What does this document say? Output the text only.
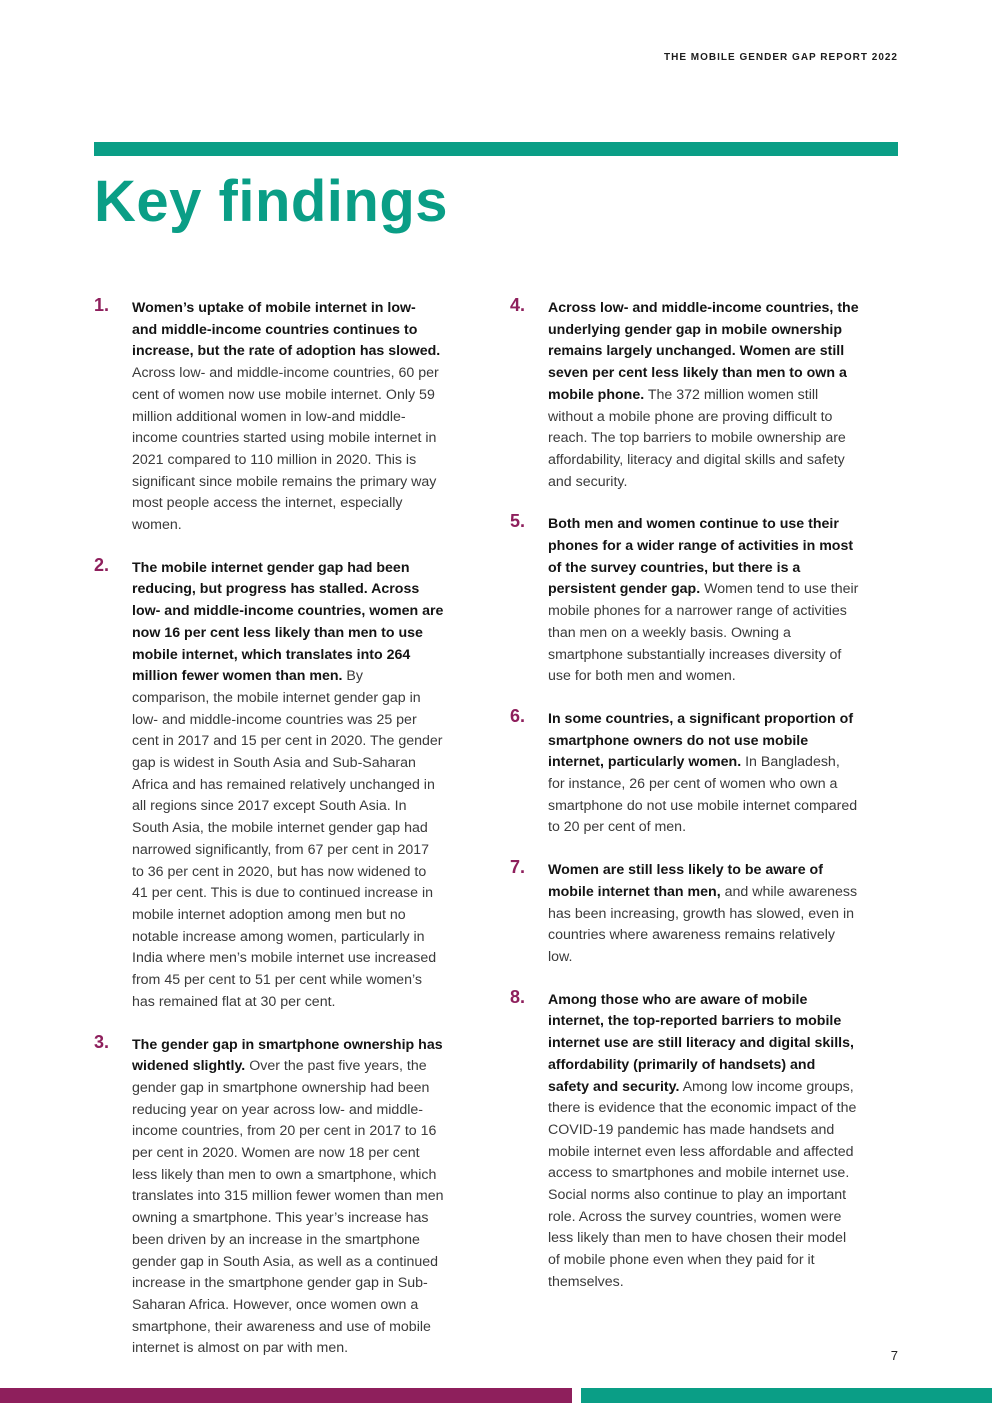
THE MOBILE GENDER GAP REPORT 2022
Key findings
1. Women’s uptake of mobile internet in low- and middle-income countries continues to increase, but the rate of adoption has slowed. Across low- and middle-income countries, 60 per cent of women now use mobile internet. Only 59 million additional women in low-and middle-income countries started using mobile internet in 2021 compared to 110 million in 2020. This is significant since mobile remains the primary way most people access the internet, especially women.
2. The mobile internet gender gap had been reducing, but progress has stalled. Across low- and middle-income countries, women are now 16 per cent less likely than men to use mobile internet, which translates into 264 million fewer women than men. By comparison, the mobile internet gender gap in low- and middle-income countries was 25 per cent in 2017 and 15 per cent in 2020. The gender gap is widest in South Asia and Sub-Saharan Africa and has remained relatively unchanged in all regions since 2017 except South Asia. In South Asia, the mobile internet gender gap had narrowed significantly, from 67 per cent in 2017 to 36 per cent in 2020, but has now widened to 41 per cent. This is due to continued increase in mobile internet adoption among men but no notable increase among women, particularly in India where men’s mobile internet use increased from 45 per cent to 51 per cent while women’s has remained flat at 30 per cent.
3. The gender gap in smartphone ownership has widened slightly. Over the past five years, the gender gap in smartphone ownership had been reducing year on year across low- and middle-income countries, from 20 per cent in 2017 to 16 per cent in 2020. Women are now 18 per cent less likely than men to own a smartphone, which translates into 315 million fewer women than men owning a smartphone. This year’s increase has been driven by an increase in the smartphone gender gap in South Asia, as well as a continued increase in the smartphone gender gap in Sub-Saharan Africa. However, once women own a smartphone, their awareness and use of mobile internet is almost on par with men.
4. Across low- and middle-income countries, the underlying gender gap in mobile ownership remains largely unchanged. Women are still seven per cent less likely than men to own a mobile phone. The 372 million women still without a mobile phone are proving difficult to reach. The top barriers to mobile ownership are affordability, literacy and digital skills and safety and security.
5. Both men and women continue to use their phones for a wider range of activities in most of the survey countries, but there is a persistent gender gap. Women tend to use their mobile phones for a narrower range of activities than men on a weekly basis. Owning a smartphone substantially increases diversity of use for both men and women.
6. In some countries, a significant proportion of smartphone owners do not use mobile internet, particularly women. In Bangladesh, for instance, 26 per cent of women who own a smartphone do not use mobile internet compared to 20 per cent of men.
7. Women are still less likely to be aware of mobile internet than men, and while awareness has been increasing, growth has slowed, even in countries where awareness remains relatively low.
8. Among those who are aware of mobile internet, the top-reported barriers to mobile internet use are still literacy and digital skills, affordability (primarily of handsets) and safety and security. Among low income groups, there is evidence that the economic impact of the COVID-19 pandemic has made handsets and mobile internet even less affordable and affected access to smartphones and mobile internet use. Social norms also continue to play an important role. Across the survey countries, women were less likely than men to have chosen their model of mobile phone even when they paid for it themselves.
7
